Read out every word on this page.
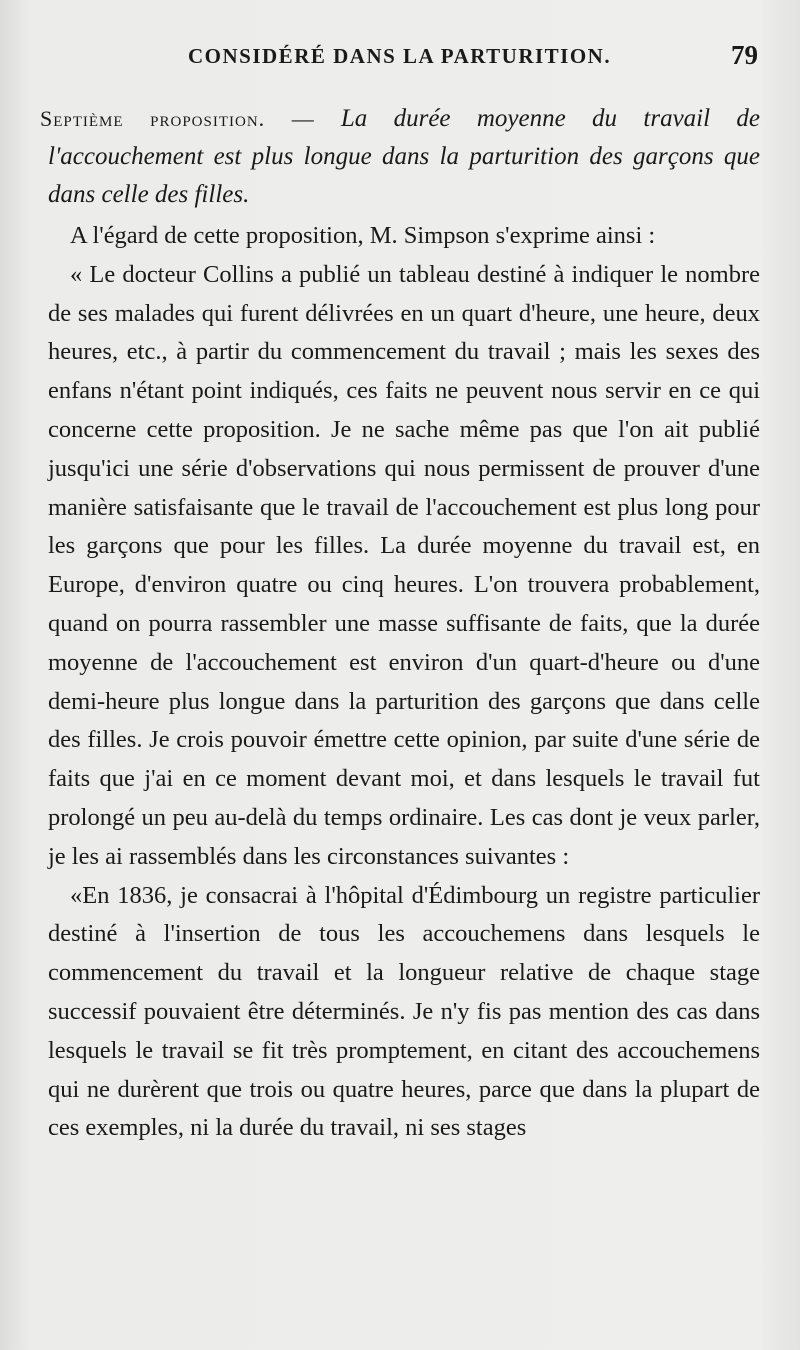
CONSIDÉRÉ DANS LA PARTURITION.	79

Septième proposition. — La durée moyenne du travail de l'accouchement est plus longue dans la parturition des garçons que dans celle des filles.

A l'égard de cette proposition, M. Simpson s'exprime ainsi :

« Le docteur Collins a publié un tableau destiné à indiquer le nombre de ses malades qui furent délivrées en un quart d'heure, une heure, deux heures, etc., à partir du commencement du travail ; mais les sexes des enfans n'étant point indiqués, ces faits ne peuvent nous servir en ce qui concerne cette proposition. Je ne sache même pas que l'on ait publié jusqu'ici une série d'observations qui nous permissent de prouver d'une manière satisfaisante que le travail de l'accouchement est plus long pour les garçons que pour les filles. La durée moyenne du travail est, en Europe, d'environ quatre ou cinq heures. L'on trouvera probablement, quand on pourra rassembler une masse suffisante de faits, que la durée moyenne de l'accouchement est environ d'un quart-d'heure ou d'une demi-heure plus longue dans la parturition des garçons que dans celle des filles. Je crois pouvoir émettre cette opinion, par suite d'une série de faits que j'ai en ce moment devant moi, et dans lesquels le travail fut prolongé un peu au-delà du temps ordinaire. Les cas dont je veux parler, je les ai rassemblés dans les circonstances suivantes :

«En 1836, je consacrai à l'hôpital d'Édimbourg un registre particulier destiné à l'insertion de tous les accouchemens dans lesquels le commencement du travail et la longueur relative de chaque stage successif pouvaient être déterminés. Je n'y fis pas mention des cas dans lesquels le travail se fit très promptement, en citant des accouchemens qui ne durèrent que trois ou quatre heures, parce que dans la plupart de ces exemples, ni la durée du travail, ni ses stages
